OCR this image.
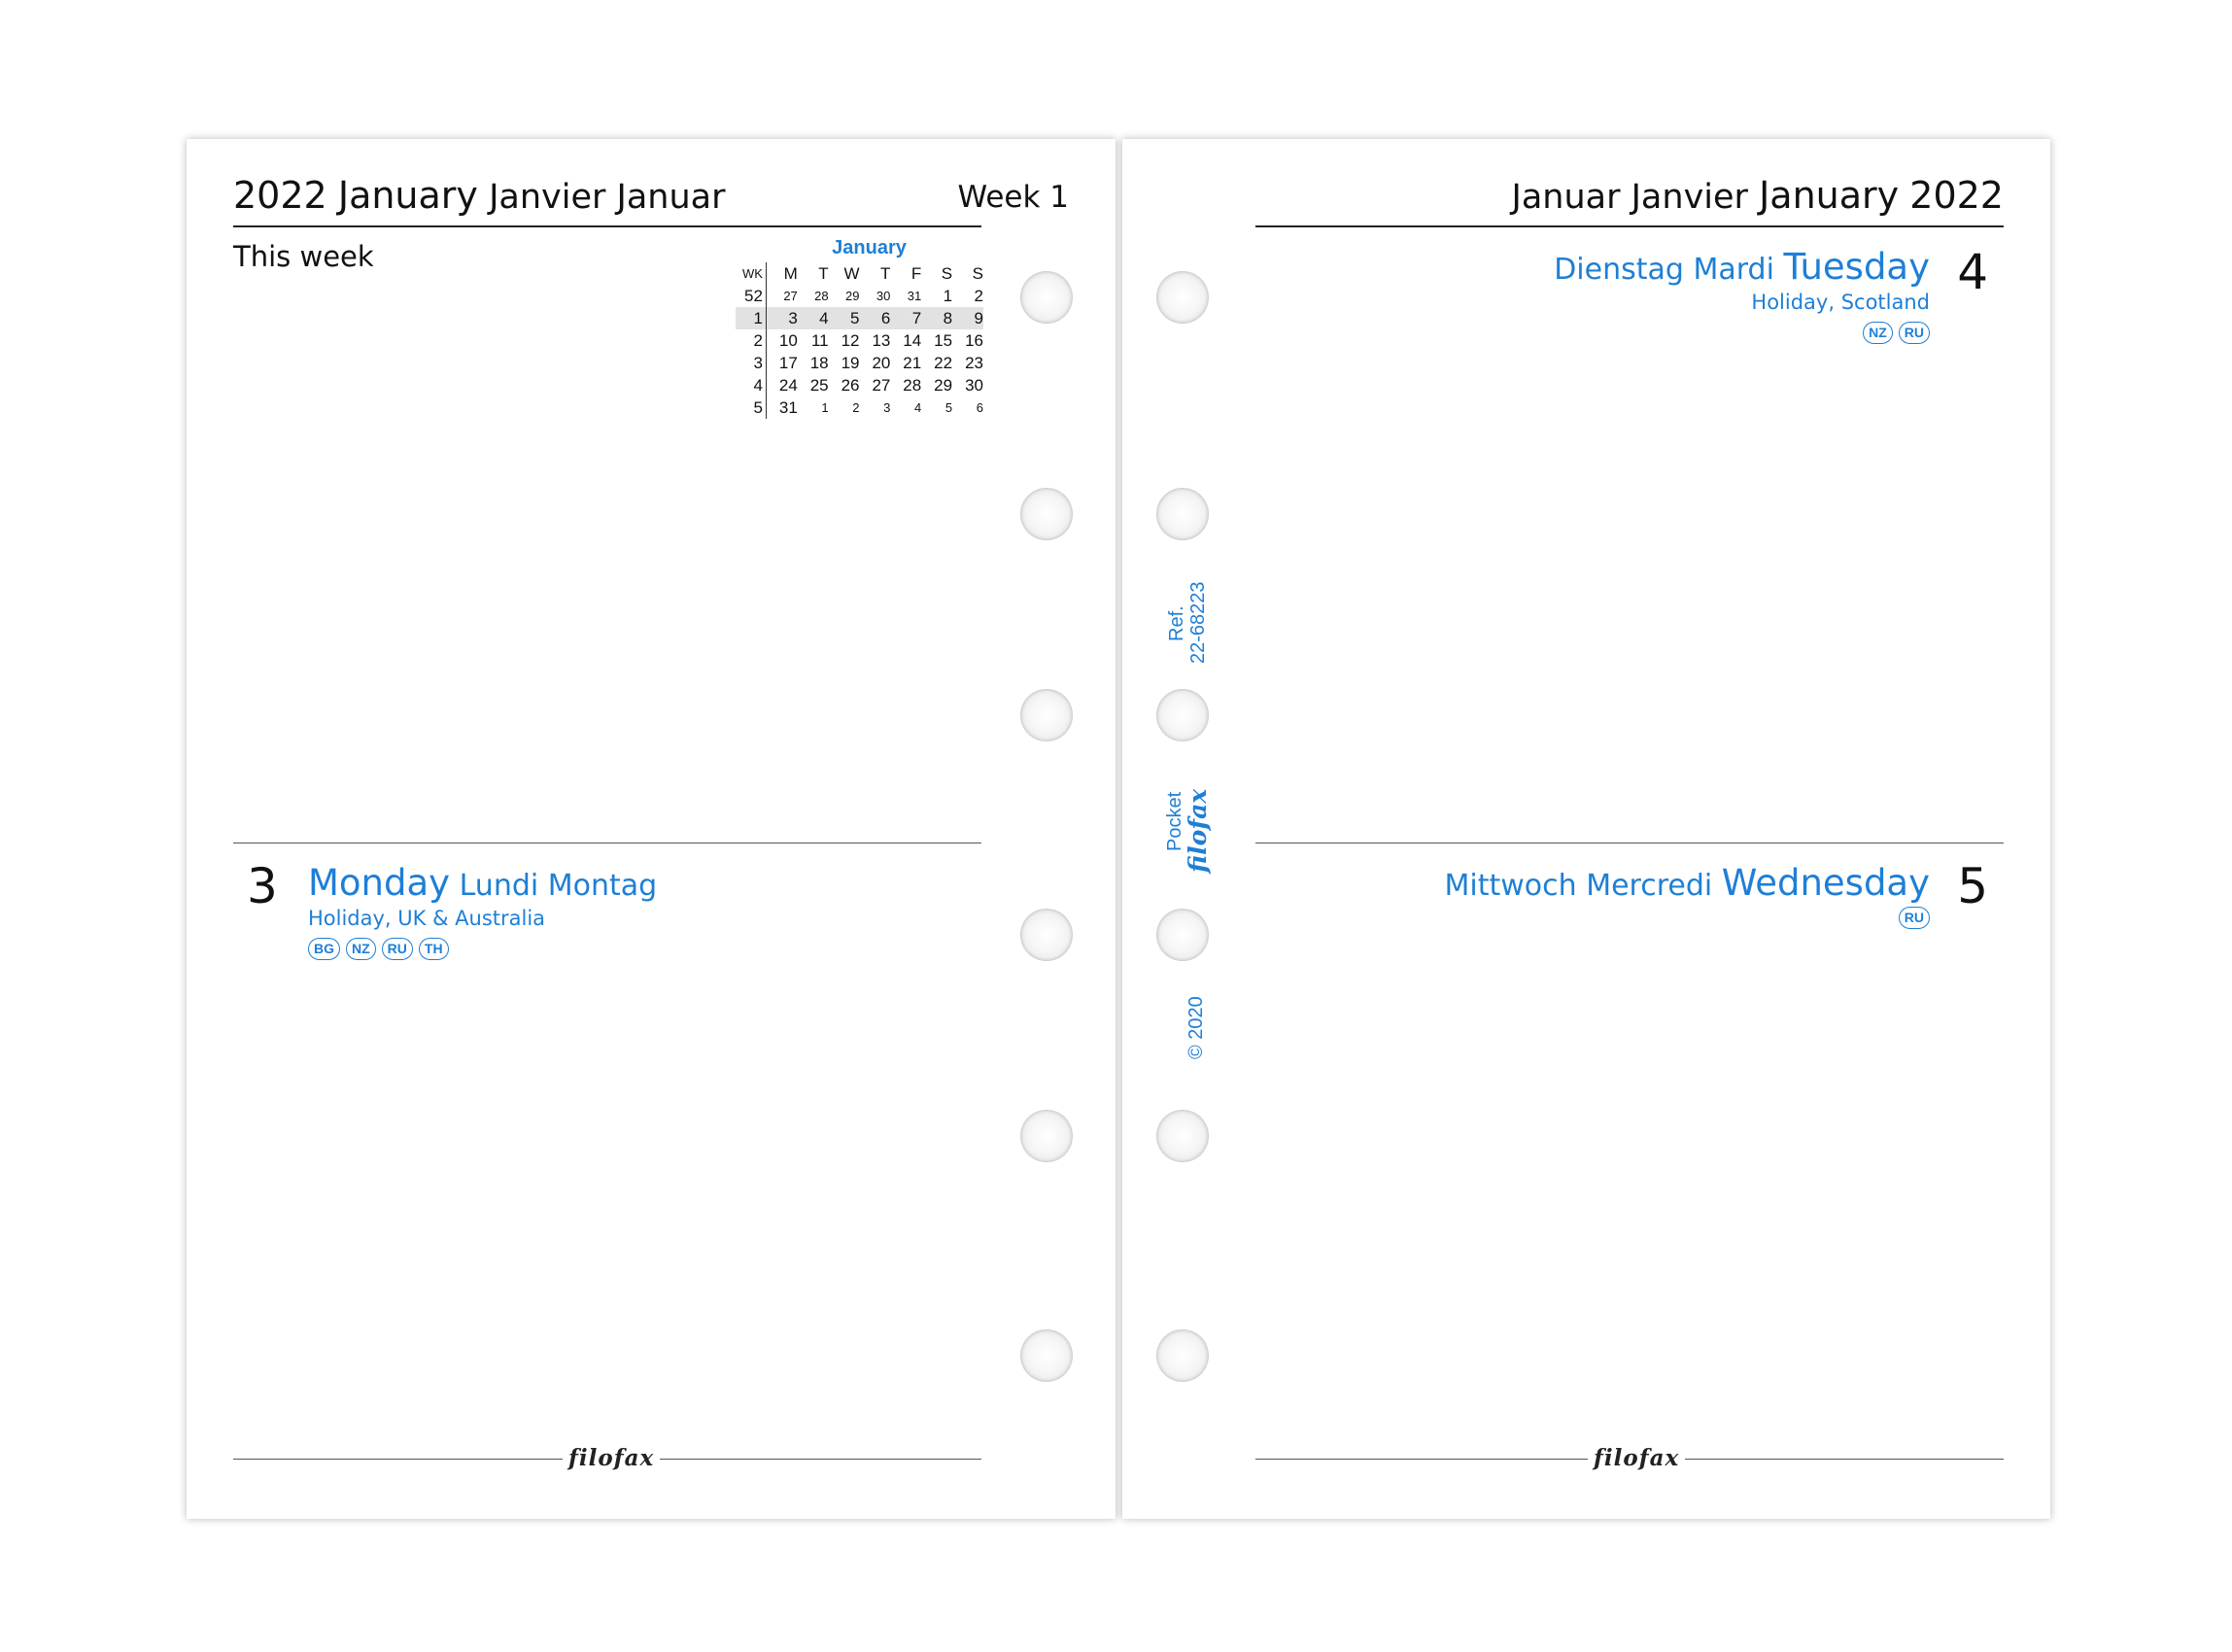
2022 January Janvier Januar	Week 1
This week	January
WK	M	T	W	T	F	S	S
52	27	28	29	30	31	1	2
1	3	4	5	6	7	8	9
2	10	11	12	13	14	15	16
3	17	18	19	20	21	22	23
4	24	25	26	27	28	29	30
5	31	1	2	3	4	5	6
3 Monday Lundi Montag
Holiday, UK & Australia
BG	NZ	RU	TH
filofax
Ref. 22-68223
Pocket
filofax
© 2020
Januar Janvier January 2022
Dienstag Mardi Tuesday 4
Holiday, Scotland
NZ	RU
Mittwoch Mercredi Wednesday 5
RU
filofax
